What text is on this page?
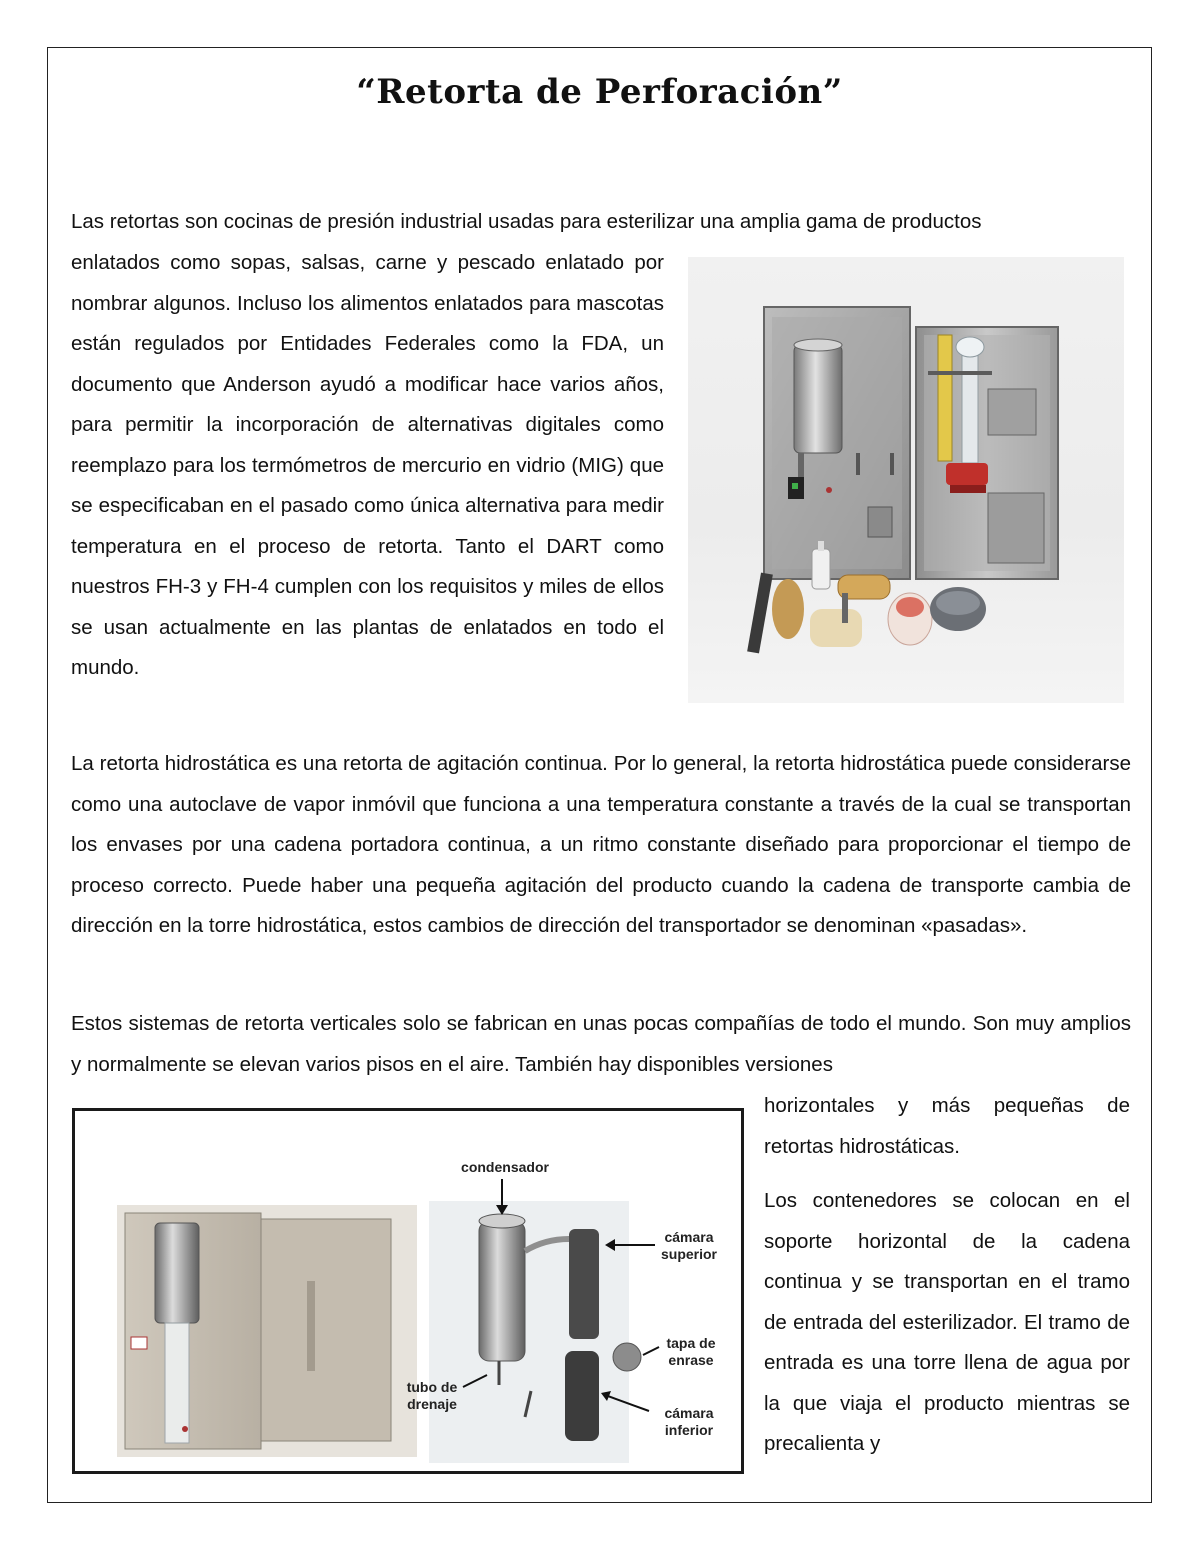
“Retorta de Perforación”

Las retortas son cocinas de presión industrial usadas para esterilizar una amplia gama de productos

enlatados como sopas, salsas, carne y pescado enlatado por nombrar algunos. Incluso los alimentos enlatados para mascotas están regulados por Entidades Federales como la FDA, un documento que Anderson ayudó a modificar hace varios años, para permitir la incorporación de alternativas digitales como reemplazo para los termómetros de mercurio en vidrio (MIG) que se especificaban en el pasado como única alternativa para medir temperatura en el proceso de retorta. Tanto el DART como nuestros FH-3 y FH-4 cumplen con los requisitos y miles de ellos se usan actualmente en las plantas de enlatados en todo el mundo.

La retorta hidrostática es una retorta de agitación continua. Por lo general, la retorta hidrostática puede considerarse como una autoclave de vapor inmóvil que funciona a una temperatura constante a través de la cual se transportan los envases por una cadena portadora continua, a un ritmo constante diseñado para proporcionar el tiempo de proceso correcto. Puede haber una pequeña agitación del producto cuando la cadena de transporte cambia de dirección en la torre hidrostática, estos cambios de dirección del transportador se denominan «pasadas».

Estos sistemas de retorta verticales solo se fabrican en unas pocas compañías de todo el mundo. Son muy amplios y normalmente se elevan varios pisos en el aire. También hay disponibles versiones

condensador
cámara superior
tapa de enrase
cámara inferior
tubo de drenaje

horizontales y más pequeñas de retortas hidrostáticas.

Los contenedores se colocan en el soporte horizontal de la cadena continua y se transportan en el tramo de entrada del esterilizador. El tramo de entrada es una torre llena de agua por la que viaja el producto mientras se precalienta y
